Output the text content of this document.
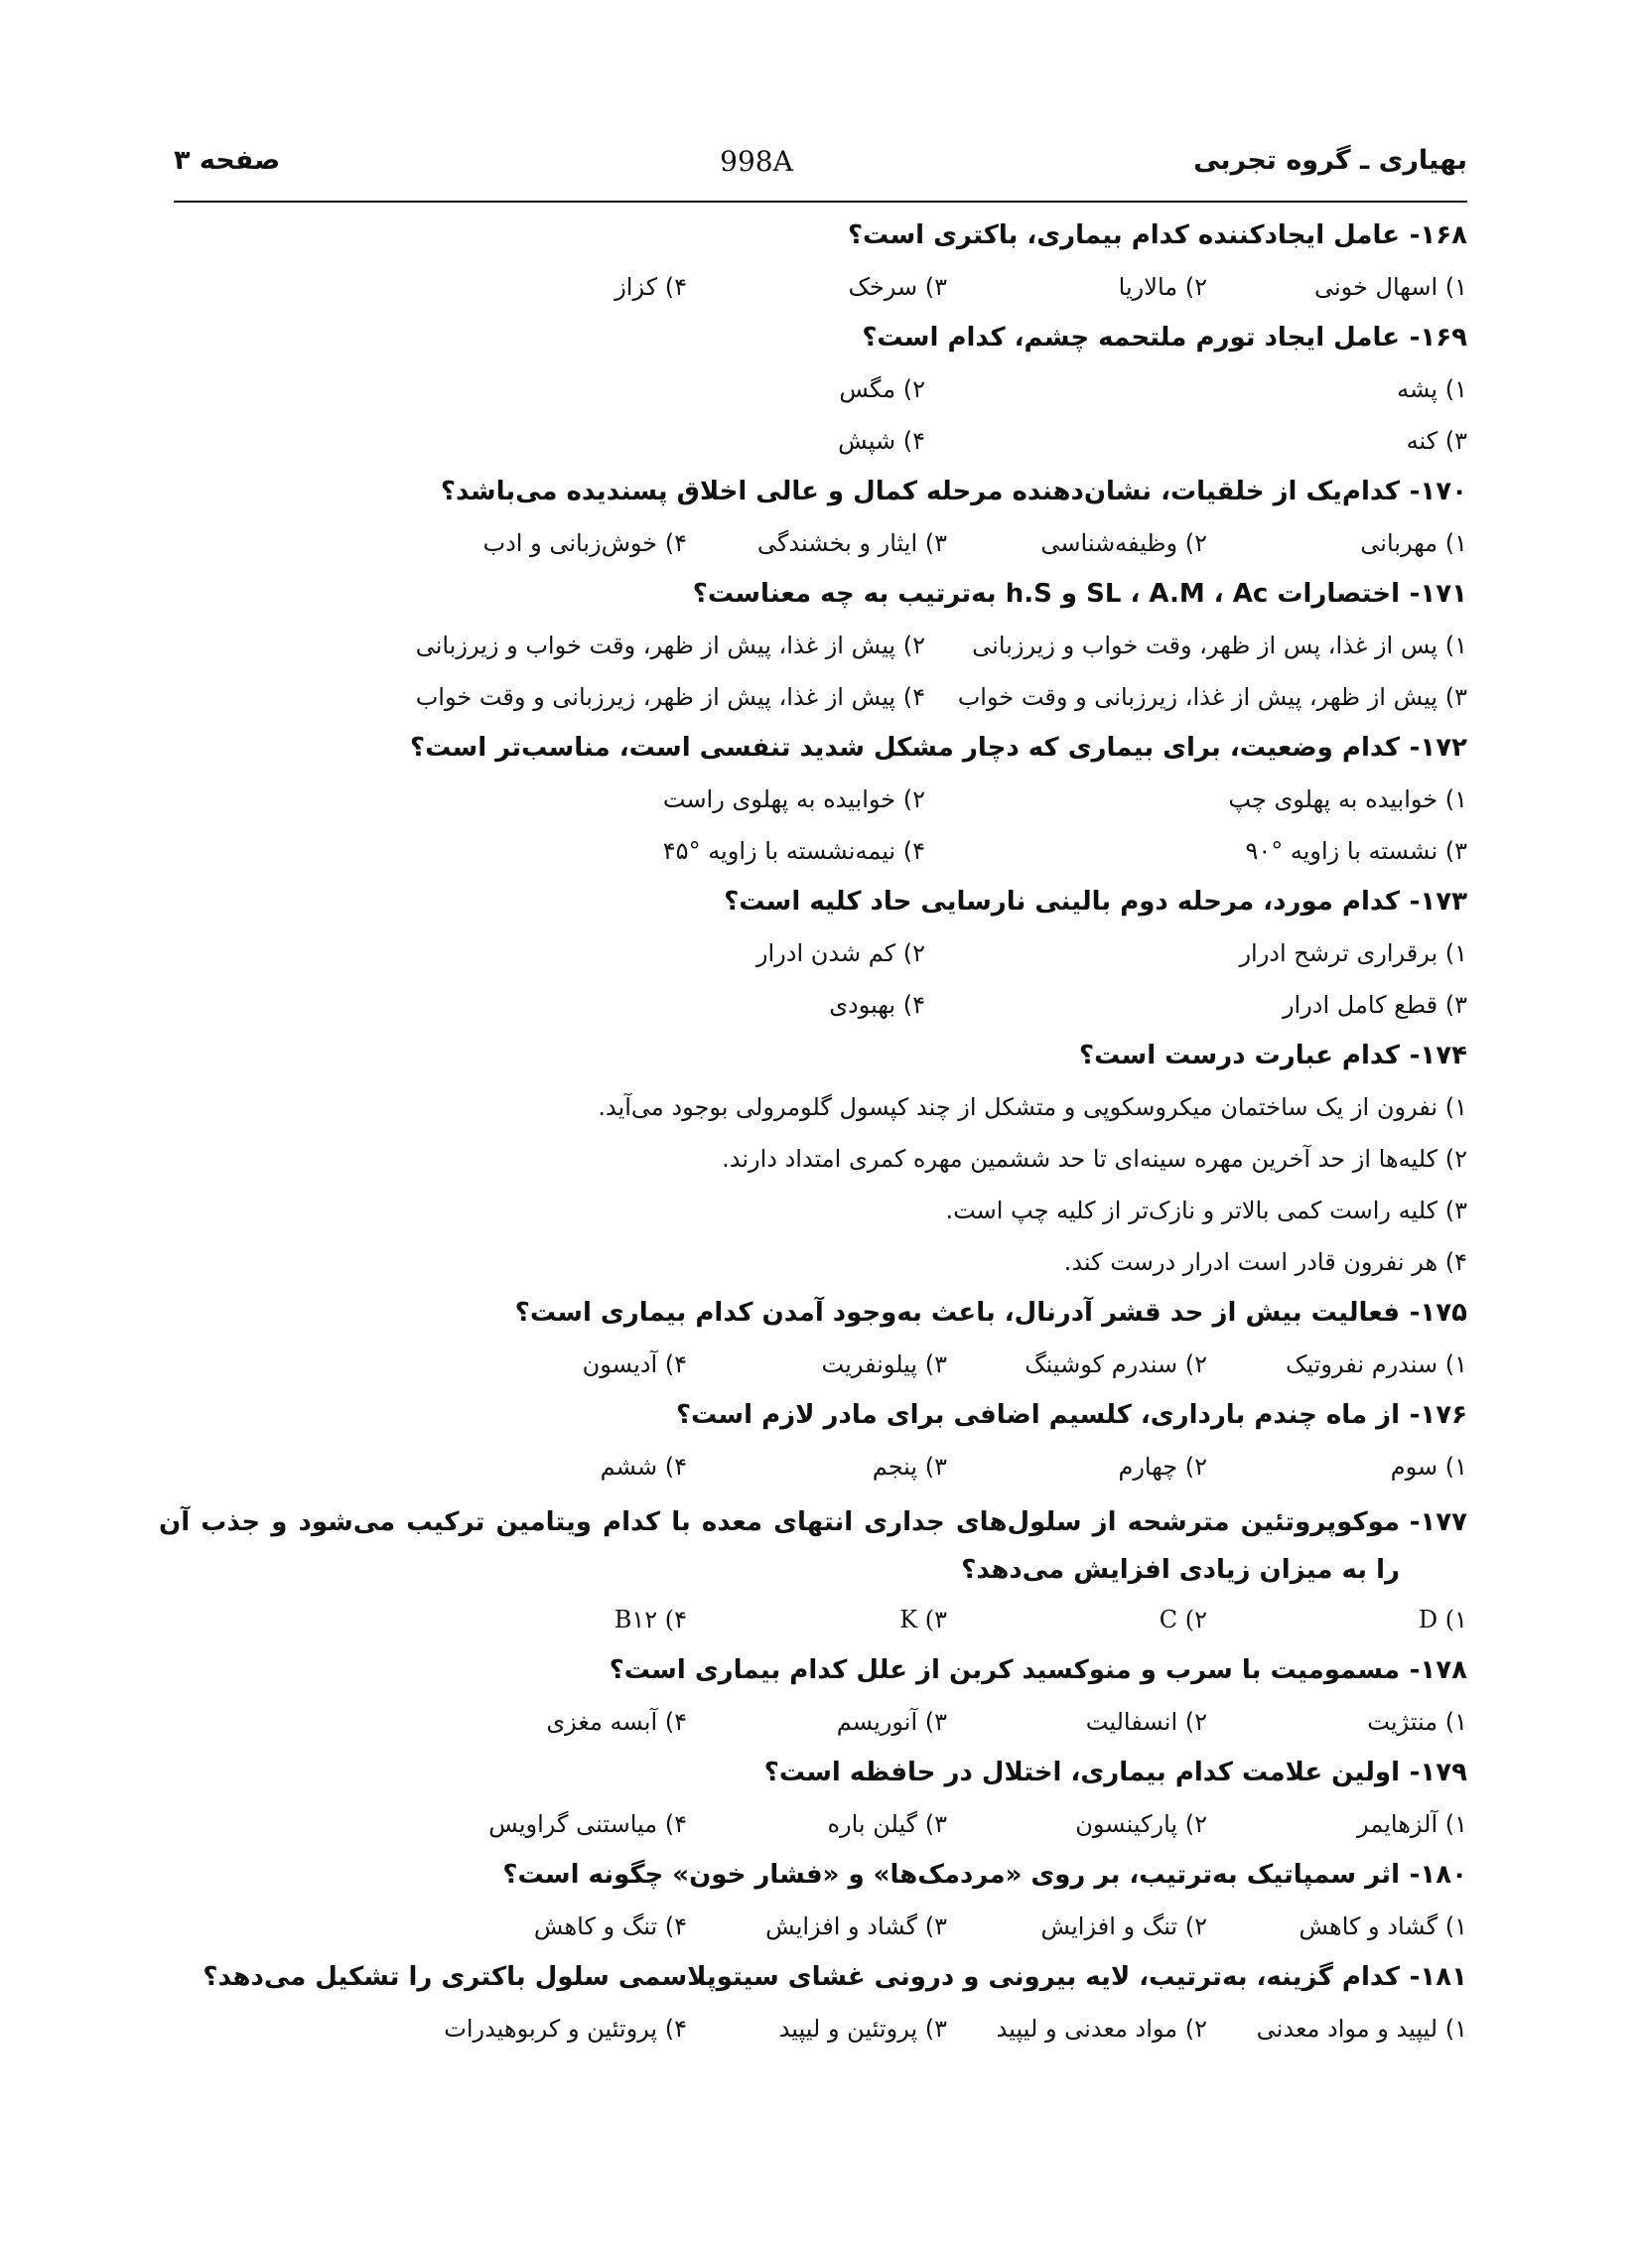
بهیاری ـ گروه تجربی
998A
صفحه ۳
۱۶۸-
عامل ایجادکننده کدام بیماری، باکتری است؟
۱) اسهال خونی
۲) مالاریا
۳) سرخک
۴) کزاز
۱۶۹-
عامل ایجاد تورم ملتحمه چشم، کدام است؟
۱) پشه
۲) مگس
۳) کنه
۴) شپش
۱۷۰-
کدام‌یک از خلقیات، نشان‌دهنده مرحله کمال و عالی اخلاق پسندیده می‌باشد؟
۱) مهربانی
۲) وظیفه‌شناسی
۳) ایثار و بخشندگی
۴) خوش‌زبانی و ادب
۱۷۱-
اختصارات SL ، A.M ، Ac و h.S به‌ترتیب به چه معناست؟
۱) پس از غذا، پس از ظهر، وقت خواب و زیرزبانی
۲) پیش از غذا، پیش از ظهر، وقت خواب و زیرزبانی
۳) پیش از ظهر، پیش از غذا، زیرزبانی و وقت خواب
۴) پیش از غذا، پیش از ظهر، زیرزبانی و وقت خواب
۱۷۲-
کدام وضعیت، برای بیماری که دچار مشکل شدید تنفسی است، مناسب‌تر است؟
۱) خوابیده به پهلوی چپ
۲) خوابیده به پهلوی راست
۳) نشسته با زاویه °۹۰
۴) نیمه‌نشسته با زاویه °۴۵
۱۷۳-
کدام مورد، مرحله دوم بالینی نارسایی حاد کلیه است؟
۱) برقراری ترشح ادرار
۲) کم شدن ادرار
۳) قطع کامل ادرار
۴) بهبودی
۱۷۴-
کدام عبارت درست است؟
۱) نفرون از یک ساختمان میکروسکوپی و متشکل از چند کپسول گلومرولی بوجود می‌آید.
۲) کلیه‌ها از حد آخرین مهره سینه‌ای تا حد ششمین مهره کمری امتداد دارند.
۳) کلیه راست کمی بالاتر و نازک‌تر از کلیه چپ است.
۴) هر نفرون قادر است ادرار درست کند.
۱۷۵-
فعالیت بیش از حد قشر آدرنال، باعث به‌وجود آمدن کدام بیماری است؟
۱) سندرم نفروتیک
۲) سندرم کوشینگ
۳) پیلونفریت
۴) آدیسون
۱۷۶-
از ماه چندم بارداری، کلسیم اضافی برای مادر لازم است؟
۱) سوم
۲) چهارم
۳) پنجم
۴) ششم
۱۷۷-
موکوپروتئین مترشحه از سلول‌های جداری انتهای معده با کدام ویتامین ترکیب می‌شود و جذب آن را به میزان زیادی افزایش می‌دهد؟
D (۱
C (۲
K (۳
B۱۲ (۴
۱۷۸-
مسمومیت با سرب و منوکسید کربن از علل کدام بیماری است؟
۱) منتژیت
۲) انسفالیت
۳) آنوریسم
۴) آبسه مغزی
۱۷۹-
اولین علامت کدام بیماری، اختلال در حافظه است؟
۱) آلزهایمر
۲) پارکینسون
۳) گیلن باره
۴) میاستنی گراویس
۱۸۰-
اثر سمپاتیک به‌ترتیب، بر روی «مردمک‌ها» و «فشار خون» چگونه است؟
۱) گشاد و کاهش
۲) تنگ و افزایش
۳) گشاد و افزایش
۴) تنگ و کاهش
۱۸۱-
کدام گزینه، به‌ترتیب، لایه بیرونی و درونی غشای سیتوپلاسمی سلول باکتری را تشکیل می‌دهد؟
۱) لیپید و مواد معدنی
۲) مواد معدنی و لیپید
۳) پروتئین و لیپید
۴) پروتئین و کربوهیدرات
